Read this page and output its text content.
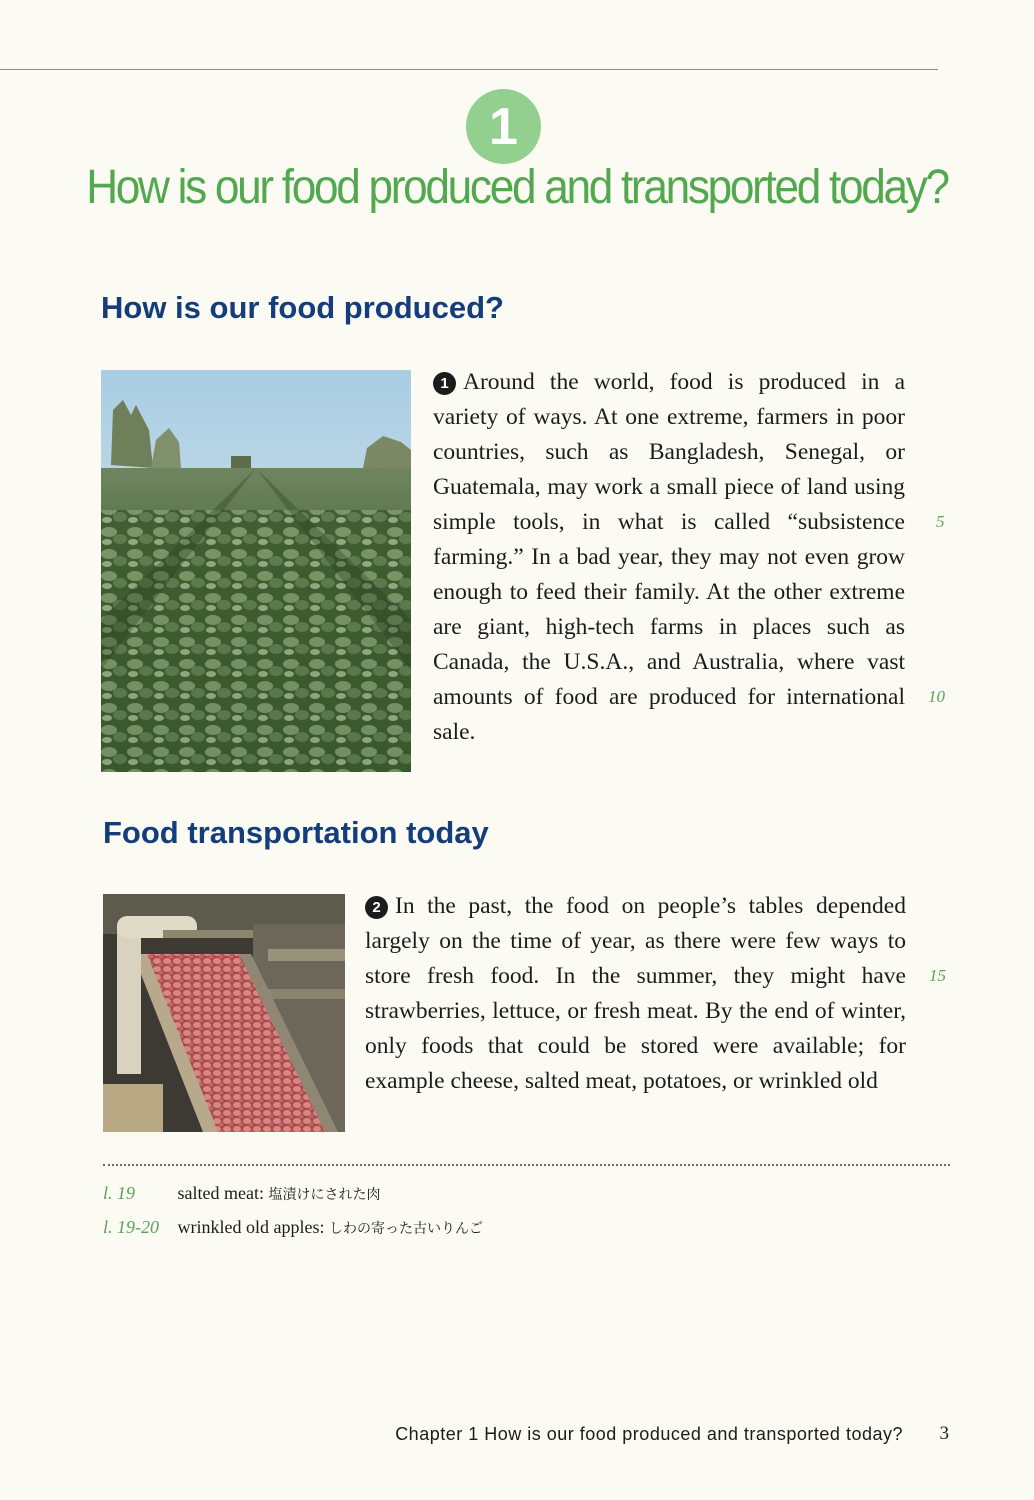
1
How is our food produced and transported today?
How is our food produced?

1 Around the world, food is produced in a variety of ways. At one extreme, farmers in poor countries, such as Bangladesh, Senegal, or Guatemala, may work a small piece of land using simple tools, in what is called “subsistence farming.” In a bad year, they may not even grow enough to feed their family. At the other extreme are giant, high-tech farms in places such as Canada, the U.S.A., and Australia, where vast amounts of food are produced for international sale.

5
10
Food transportation today

2 In the past, the food on people’s tables depended largely on the time of year, as there were few ways to store fresh food. In the summer, they might have strawberries, lettuce, or fresh meat. By the end of winter, only foods that could be stored were available; for example cheese, salted meat, potatoes, or wrinkled old

15
l. 19 salted meat: 塩漬けにされた肉
l. 19-20 wrinkled old apples: しわの寄った古いりんご
Chapter 1 How is our food produced and transported today? 3
